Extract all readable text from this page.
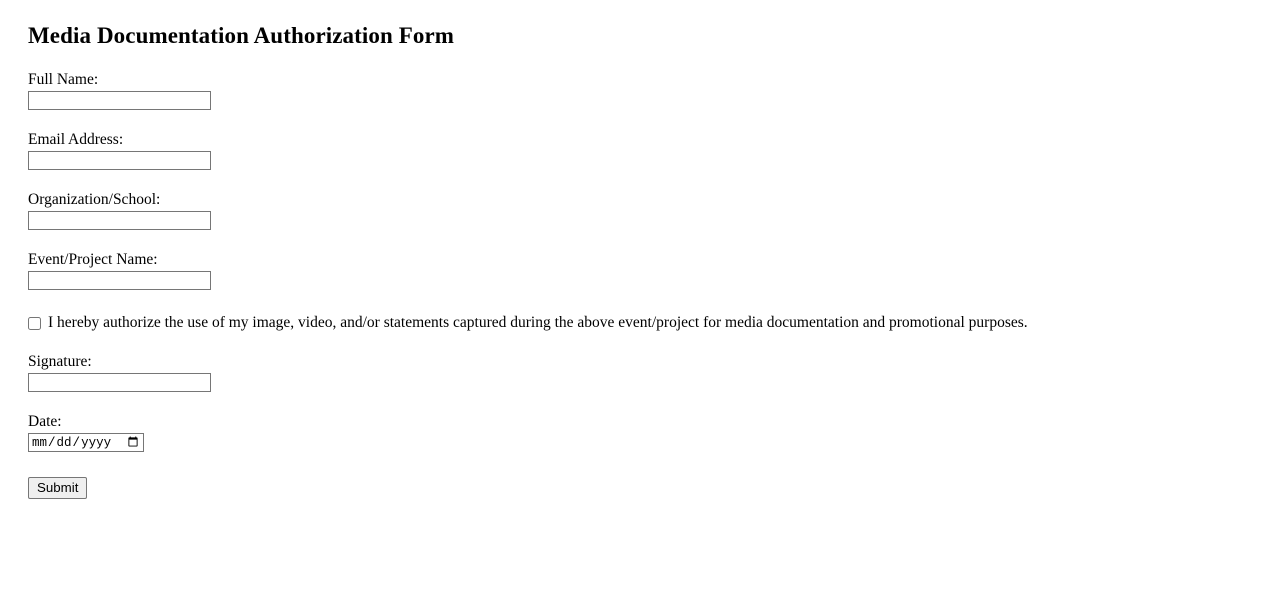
Media Documentation Authorization Form
Full Name:
Email Address:
Organization/School:
Event/Project Name:
I hereby authorize the use of my image, video, and/or statements captured during the above event/project for media documentation and promotional purposes.
Signature:
Date:
Submit
